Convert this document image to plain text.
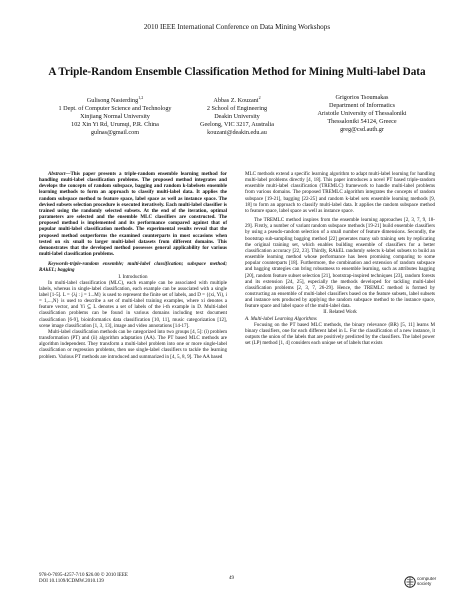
2010 IEEE International Conference on Data Mining Workshops
A Triple-Random Ensemble Classification Method for Mining Multi-label Data
Gulisong Nasierding$^{1,2}$
1 Dept. of Computer Science and Technology
Xinjiang Normal University
102 Xin Yi Rd, Urumqi, P.R. China
gulnas@gmail.com
Abbas Z. Kouzani$^2$
2 School of Engineering
Deakin University
Geelong, VIC 3217, Australia
kouzani@deakin.edu.au
Grigorios Tsoumakas
Department of Informatics
Aristotle University of Thessaloniki
Thessaloniki 54124, Greece
greg@csd.auth.gr

Abstract—This paper presents a triple-random ensemble learning method for handling multi-label classification problems. The proposed method integrates and develops the concepts of random subspace, bagging and random k-labelsets ensemble learning methods to form an approach to classify multi-label data. It applies the random subspace method to feature space, label space as well as instance space. The devised subsets selection procedure is executed iteratively. Each multi-label classifier is trained using the randomly selected subsets. At the end of the iteration, optimal parameters are selected and the ensemble MLC classifiers are constructed. The proposed method is implemented and its performance compared against that of popular multi-label classification methods. The experimental results reveal that the proposed method outperforms the examined counterparts in most occasions when tested on six small to larger multi-label datasets from different domains. This demonstrates that the developed method possesses general applicability for various multi-label classification problems.

Keywords-triple-random ensemble; multi-label classification; subspace method; RAkEL; bagging

I. Introduction

In multi-label classification (MLC), each example can be associated with multiple labels, whereas in single-label classification, each example can be associated with a single label [1-5]. L = {λj : j = 1...M} is used to represent the finite set of labels, and D = {(xi, Yi), i = 1,...,N} is used to describe a set of multi-label training examples, where xi denotes a feature vector, and Yi ⊆ L denotes a set of labels of the i-th example in D. Multi-label classification problems can be found in various domains including text document classification [6-9], bioinformatics data classification [10, 11], music categorization [12], scene image classification [1, 3, 13], image and video annotations [14-17].

Multi-label classification methods can be categorized into two groups [4, 5]: (i) problem transformation (PT) and (ii) algorithm adaptation (AA). The PT based MLC methods are algorithm independent. They transform a multi-label problem into one or more single-label classification or regression problems, then use single-label classifiers to tackle the learning problem. Various PT methods are introduced and summarized in [4, 5, 8, 9]. The AA based

MLC methods extend a specific learning algorithm to adapt multi-label learning for handling multi-label problems directly [4, 18]. This paper introduces a novel PT based triple-random ensemble multi-label classification (TREMLC) framework to handle multi-label problems from various domains. The proposed TREMLC algorithm integrates the concepts of random subspace [19-21], bagging [22-25] and random k-label sets ensemble learning methods [9, 18] to form an approach to classify multi-label data. It applies the random subspace method to feature space, label space as well as instance space.

The TREMLC method inspires from the ensemble learning approaches [2, 3, 7, 9, 18-29]. Firstly, a number of variant random subspace methods [19-21] build ensemble classifiers by using a pseudo-random selection of a small number of feature dimensions. Secondly, the bootstrap sub-sampling bagging method [22] generates many sub training sets by replicating the original training set, which enables building ensemble of classifiers for a better classification accuracy [22, 23]. Thirdly, RAkEL randomly selects k-label subsets to build an ensemble learning method whose performance has been promising comparing to some popular counterparts [18]. Furthermore, the combination and extension of random subspace and bagging strategies can bring robustness to ensemble learning, such as attributes bagging [20], random feature subset selection [21], bootstrap-inspired techniques [23], random forests and its extension [24, 25], especially the methods developed for tackling multi-label classification problems [2, 3, 7, 26-29]. Hence, the TREMLC method is formed by constructing an ensemble of multi-label classifiers based on the feature subsets, label subsets and instance sets produced by applying the random subspace method to the instance space, feature space and label space of the multi-label data.

II. Related Work

A. Multi-label Learning Algorithms

Focusing on the PT based MLC methods, the binary relevance (BR) [5, 11] learns M binary classifiers, one for each different label in L. For the classification of a new instance, it outputs the union of the labels that are positively predicted by the classifiers. The label power set (LP) method [1, 4] considers each unique set of labels that exists

978-0-7695-4257-7/10 $26.00 © 2010 IEEE
DOI 10.1109/ICDMW.2010.139
49	computer society
